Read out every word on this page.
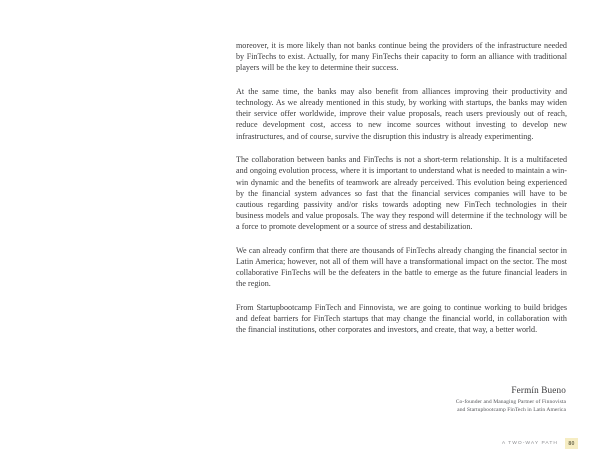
moreover, it is more likely than not banks continue being the providers of the infrastructure needed by FinTechs to exist. Actually, for many FinTechs their capacity to form an alliance with traditional players will be the key to determine their success.

At the same time, the banks may also benefit from alliances improving their productivity and technology. As we already mentioned in this study, by working with startups, the banks may widen their service offer worldwide, improve their value proposals, reach users previously out of reach, reduce development cost, access to new income sources without investing to develop new infrastructures, and of course, survive the disruption this industry is already experimenting.

The collaboration between banks and FinTechs is not a short-term relationship. It is a multifaceted and ongoing evolution process, where it is important to understand what is needed to maintain a win-win dynamic and the benefits of teamwork are already perceived. This evolution being experienced by the financial system advances so fast that the financial services companies will have to be cautious regarding passivity and/or risks towards adopting new FinTech technologies in their business models and value proposals. The way they respond will determine if the technology will be a force to promote development or a source of stress and destabilization.

We can already confirm that there are thousands of FinTechs already changing the financial sector in Latin America; however, not all of them will have a transformational impact on the sector. The most collaborative FinTechs will be the defeaters in the battle to emerge as the future financial leaders in the region.

From Startupbootcamp FinTech and Finnovista, we are going to continue working to build bridges and defeat barriers for FinTech startups that may change the financial world, in collaboration with the financial institutions, other corporates and investors, and create, that way, a better world.

Fermín Bueno
Co-founder and Managing Partner of Finnovista
and Startupbootcamp FinTech in Latin America
A TWO-WAY PATH	80
